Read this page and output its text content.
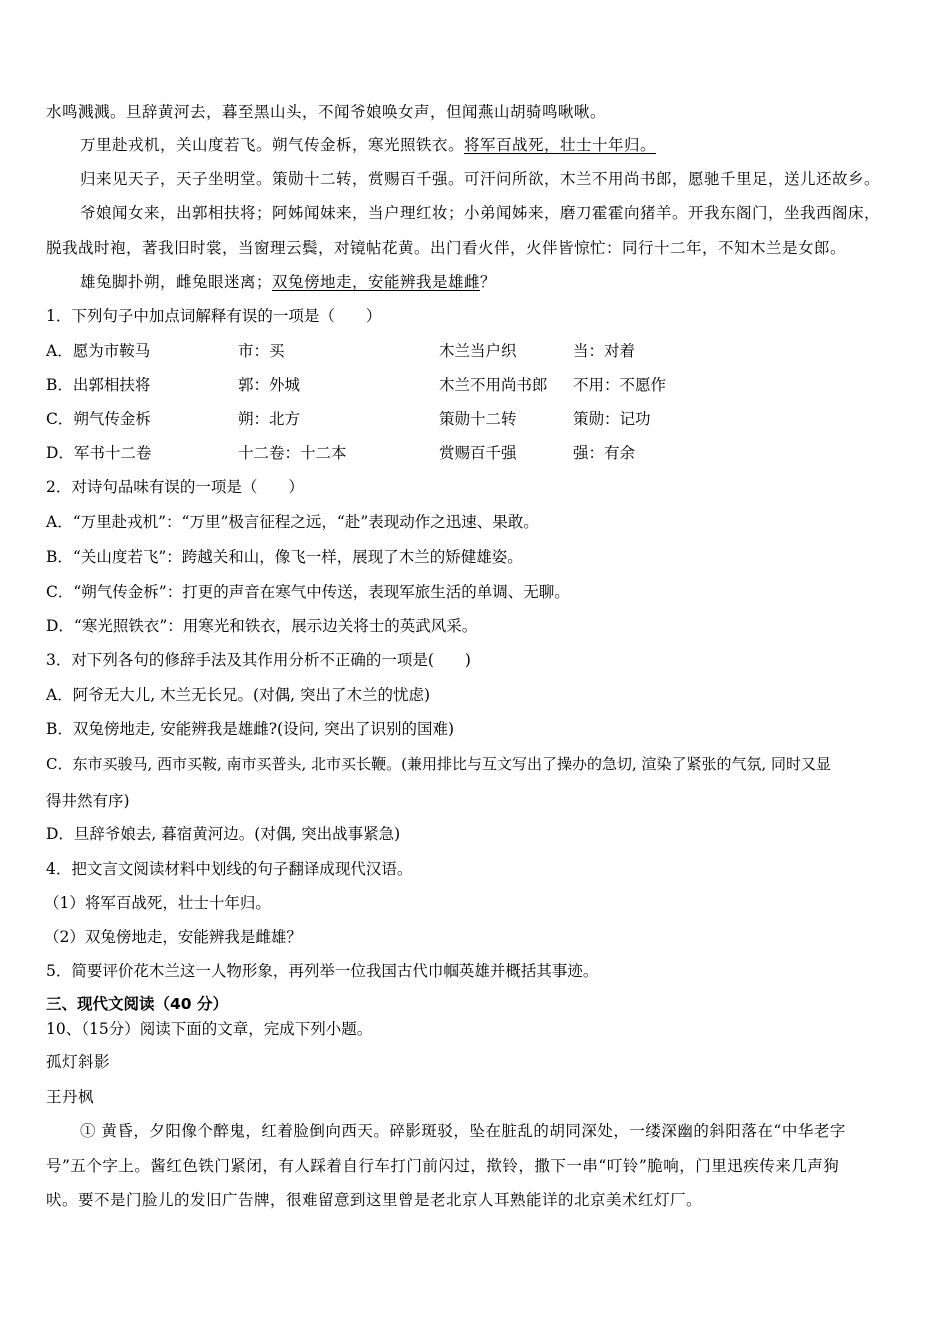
水鸣溅溅。旦辞黄河去，暮至黑山头，不闻爷娘唤女声，但闻燕山胡骑鸣啾啾。
万里赴戎机，关山度若飞。朔气传金柝，寒光照铁衣。将军百战死，壮士十年归。
归来见天子，天子坐明堂。策勋十二转，赏赐百千强。可汗问所欲，木兰不用尚书郎，愿驰千里足，送儿还故乡。
爷娘闻女来，出郭相扶将；阿姊闻妹来，当户理红妆；小弟闻姊来，磨刀霍霍向猪羊。开我东阁门，坐我西阁床，
脱我战时袍，著我旧时裳，当窗理云鬓，对镜帖花黄。出门看火伴，火伴皆惊忙：同行十二年，不知木兰是女郎。
雄兔脚扑朔，雌兔眼迷离；双兔傍地走，安能辨我是雄雌？
1．下列句子中加点词解释有误的一项是（　　）
A．愿为市鞍马	市：买	木兰当户织	当：对着
B．出郭相扶将	郭：外城	木兰不用尚书郎 不用：不愿作
C．朔气传金柝	朔：北方	策勋十二转	策勋：记功
D．军书十二卷	十二卷：十二本	赏赐百千强	强：有余
2．对诗句品味有误的一项是（　　）
A．“万里赴戎机”：“万里”极言征程之远，“赴”表现动作之迅速、果敢。
B．“关山度若飞”：跨越关和山，像飞一样，展现了木兰的矫健雄姿。
C．“朔气传金柝”：打更的声音在寒气中传送，表现军旅生活的单调、无聊。
D．“寒光照铁衣”：用寒光和铁衣，展示边关将士的英武风采。
3．对下列各句的修辞手法及其作用分析不正确的一项是(　　)
A．阿爷无大儿, 木兰无长兄。(对偶, 突出了木兰的忧虑)
B．双兔傍地走, 安能辨我是雄雌?(设问, 突出了识别的国难)
C．东市买骏马, 西市买鞍, 南市买普头, 北市买长鞭。(兼用排比与互文写出了操办的急切, 渲染了紧张的气氛, 同时又显
得井然有序)
D．旦辞爷娘去, 暮宿黄河边。(对偶, 突出战事紧急)
4．把文言文阅读材料中划线的句子翻译成现代汉语。
（1）将军百战死，壮士十年归。
（2）双兔傍地走，安能辨我是雌雄？
5．简要评价花木兰这一人物形象，再列举一位我国古代巾帼英雄并概括其事迹。
三、现代文阅读（40 分）
10、（15分）阅读下面的文章，完成下列小题。
孤灯斜影
王丹枫
① 黄昏，夕阳像个醉鬼，红着脸倒向西天。碎影斑驳，坠在脏乱的胡同深处，一缕深幽的斜阳落在“中华老字
号”五个字上。酱红色铁门紧闭，有人踩着自行车打门前闪过，揿铃，撒下一串“叮铃”脆响，门里迅疾传来几声狗
吠。要不是门脸儿的发旧广告牌，很难留意到这里曾是老北京人耳熟能详的北京美术红灯厂。
